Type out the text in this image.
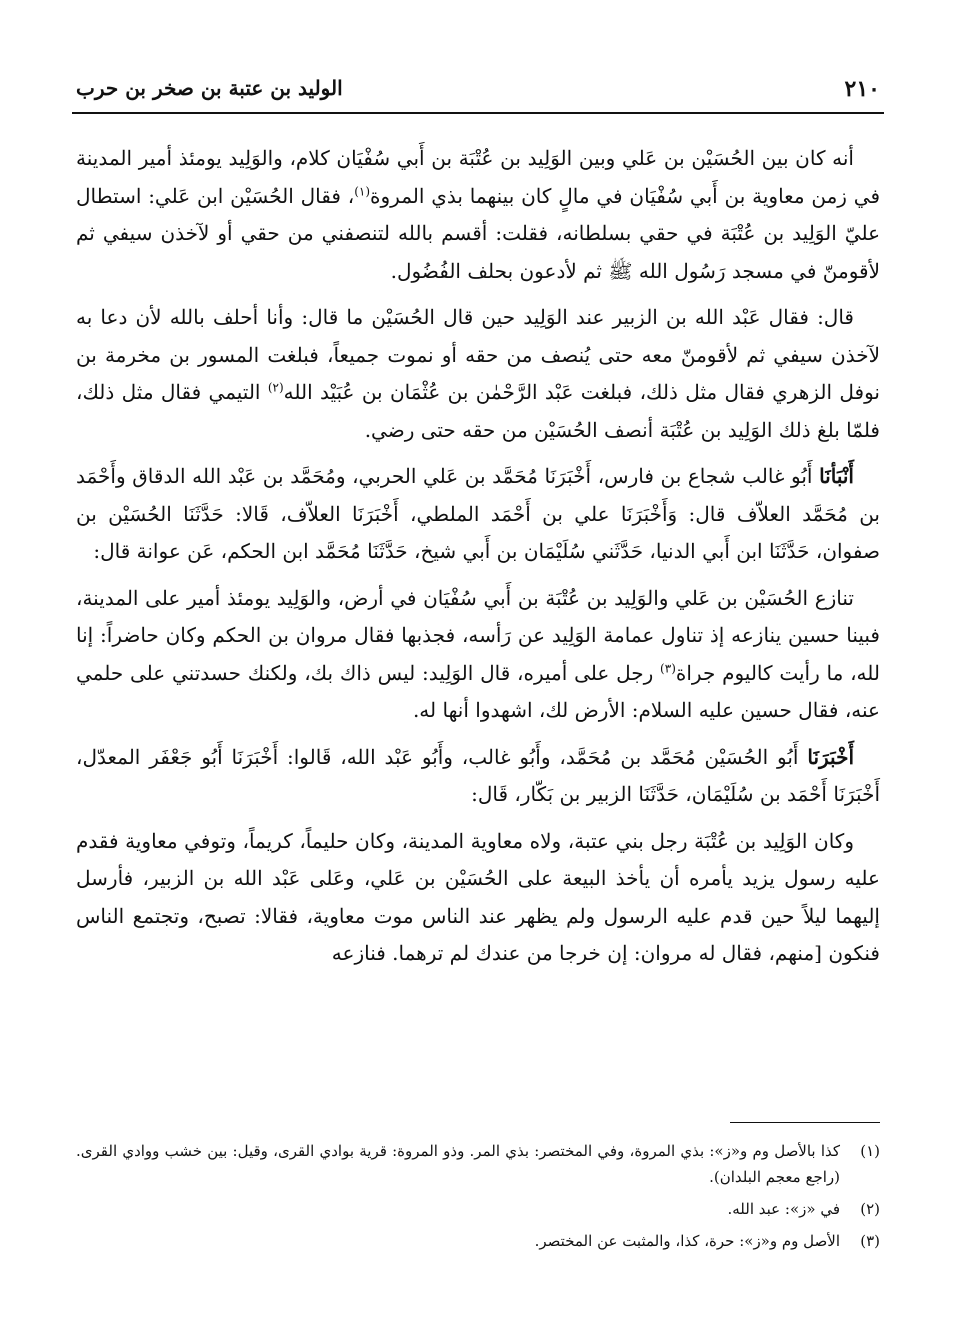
٢١٠
الوليد بن عتبة بن صخر بن حرب

أنه كان بين الحُسَيْن بن عَلي وبين الوَلِيد بن عُتْبَة بن أَبي سُفْيَان كلام، والوَلِيد يومئذ أمير المدينة في زمن معاوية بن أَبي سُفْيَان في مالٍ كان بينهما بذي المروة$^{(١)}$، فقال الحُسَيْن ابن عَلي: استطال عليّ الوَلِيد بن عُتْبَة في حقي بسلطانه، فقلت: أقسم بالله لتنصفني من حقي أو لآخذن سيفي ثم لأقومنّ في مسجد رَسُول الله ﷺ ثم لأدعون بحلف الفُضُول.

قال: فقال عَبْد الله بن الزبير عند الوَلِيد حين قال الحُسَيْن ما قال: وأنا أحلف بالله لأن دعا به لآخذن سيفي ثم لأقومنّ معه حتى يُنصف من حقه أو نموت جميعاً، فبلغت المسور بن مخرمة بن نوفل الزهري فقال مثل ذلك، فبلغت عَبْد الرَّحْمٰن بن عُثْمَان بن عُبَيْد الله$^{(٢)}$ التيمي فقال مثل ذلك، فلمّا بلغ ذلك الوَلِيد بن عُتْبَة أنصف الحُسَيْن من حقه حتى رضي.

أَنْبَأنَا أَبُو غالب شجاع بن فارس، أَخْبَرَنَا مُحَمَّد بن عَلي الحربي، ومُحَمَّد بن عَبْد الله الدقاق وأَحْمَد بن مُحَمَّد العلاّف قال: وَأَخْبَرَنَا علي بن أَحْمَد الملطي، أَخْبَرَنَا العلاّف، قَالا: حَدَّثَنَا الحُسَيْن بن صفوان، حَدَّثَنَا ابن أَبي الدنيا، حَدَّثَني سُلَيْمَان بن أَبي شيخ، حَدَّثَنَا مُحَمَّد ابن الحكم، عَن عوانة قال:

تنازع الحُسَيْن بن عَلي والوَلِيد بن عُتْبَة بن أَبي سُفْيَان في أرض، والوَلِيد يومئذ أمير على المدينة، فبينا حسين ينازعه إذ تناول عمامة الوَلِيد عن رَأسه، فجذبها فقال مروان بن الحكم وكان حاضراً: إنا لله، ما رأيت كاليوم جراة$^{(٣)}$ رجل على أميره، قال الوَلِيد: ليس ذاك بك، ولكنك حسدتني على حلمي عنه، فقال حسين عليه السلام: الأرض لك، اشهدوا أنها له.

أَخْبَرَنَا أَبُو الحُسَيْن مُحَمَّد بن مُحَمَّد، وأَبُو غالب، وأَبُو عَبْد الله، قَالوا: أَخْبَرَنَا أَبُو جَعْفَر المعدّل، أَخْبَرَنَا أَحْمَد بن سُلَيْمَان، حَدَّثَنَا الزبير بن بَكّار، قَال:

وكان الوَلِيد بن عُتْبَة رجل بني عتبة، ولاه معاوية المدينة، وكان حليماً، كريماً، وتوفي معاوية فقدم عليه رسول يزيد يأمره أن يأخذ البيعة على الحُسَيْن بن عَلي، وعَلى عَبْد الله بن الزبير، فأرسل إليهما ليلاً حين قدم عليه الرسول ولم يظهر عند الناس موت معاوية، فقالا: تصبح، وتجتمع الناس فنكون [منهم، فقال له مروان: إن خرجا من عندك لم ترهما. فنازعه

(١)
كذا بالأصل وم و«ز»: بذي المروة، وفي المختصر: بذي المر. وذو المروة: قرية بوادي القرى، وقيل: بين خشب ووادي القرى. (راجع معجم البلدان).

(٢)
في «ز»: عبد الله.

(٣)
الأصل وم و«ز»: حرة، كذا، والمثبت عن المختصر.
